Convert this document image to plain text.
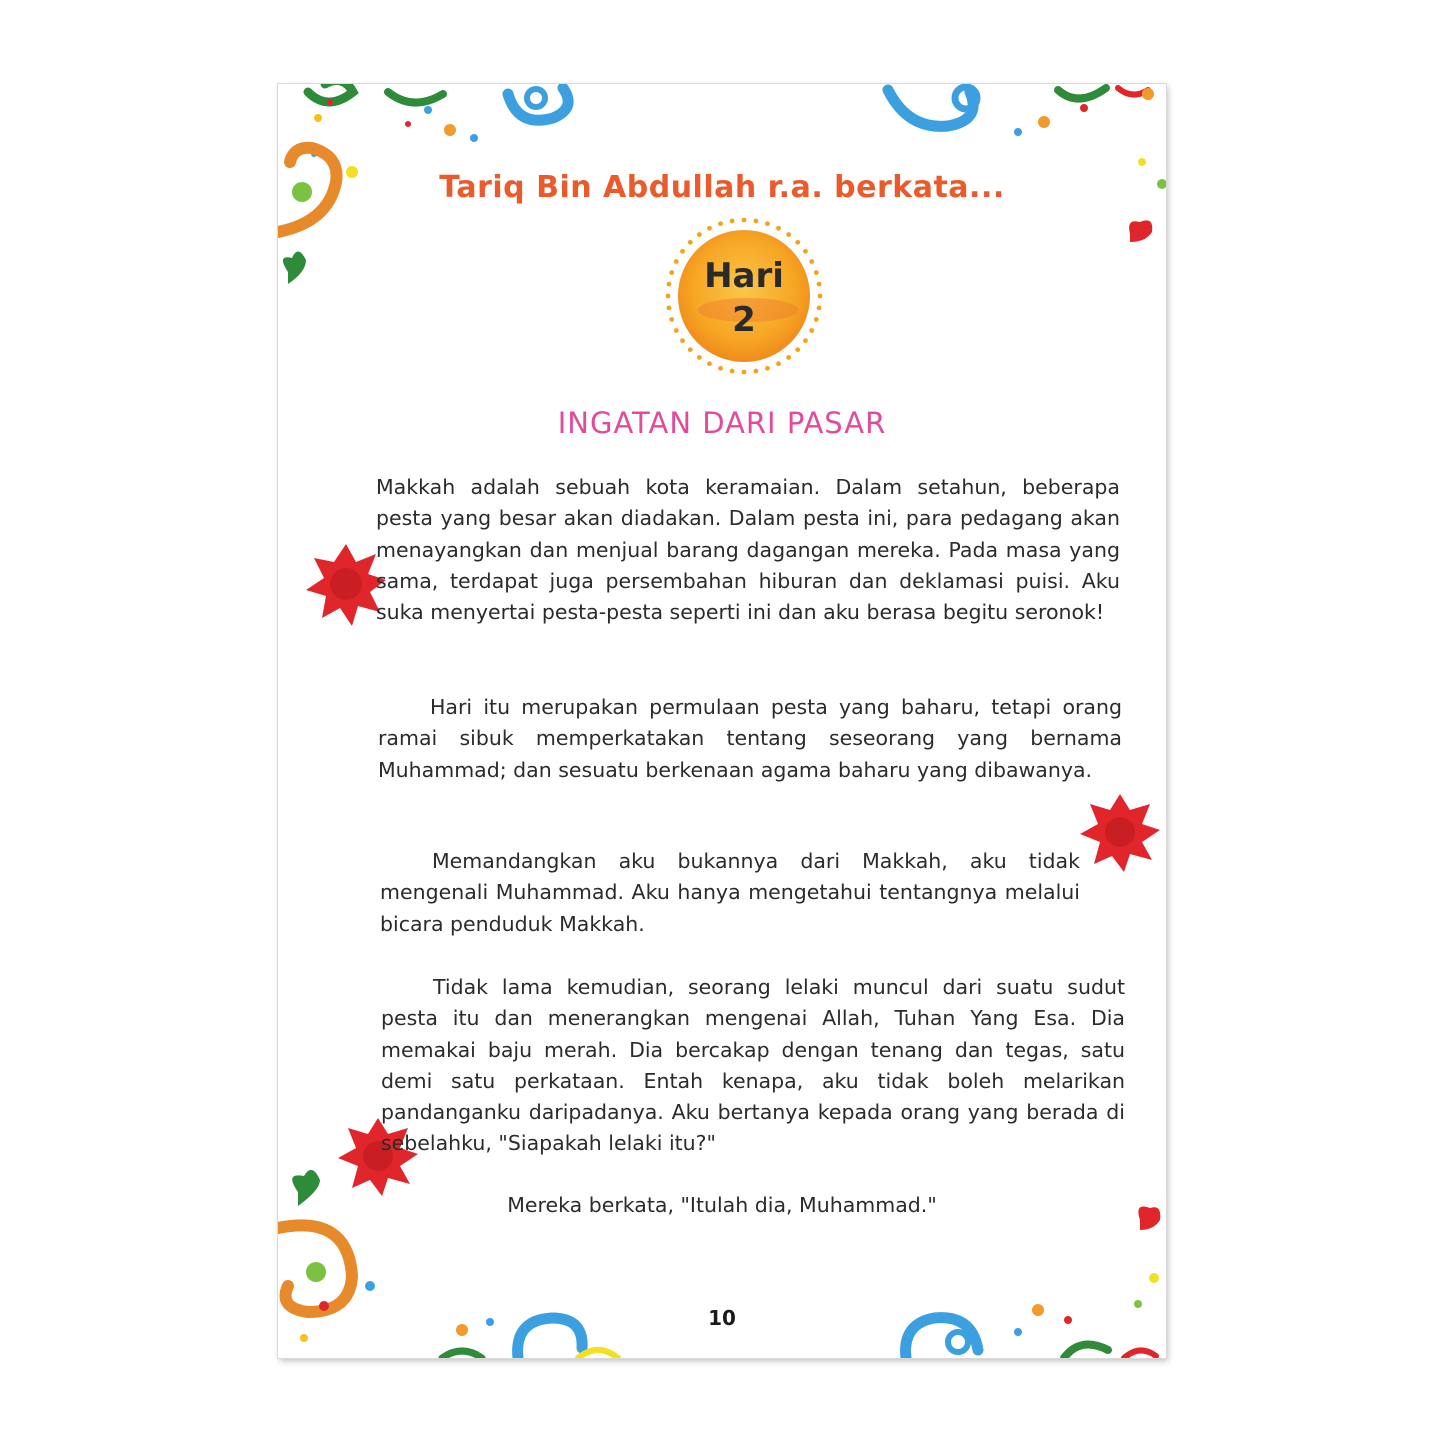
Tariq Bin Abdullah r.a. berkata...
Hari
2
INGATAN DARI PASAR

Makkah adalah sebuah kota keramaian. Dalam setahun, beberapa pesta yang besar akan diadakan. Dalam pesta ini, para pedagang akan menayangkan dan menjual barang dagangan mereka. Pada masa yang sama, terdapat juga persembahan hiburan dan deklamasi puisi. Aku suka menyertai pesta-pesta seperti ini dan aku berasa begitu seronok!

Hari itu merupakan permulaan pesta yang baharu, tetapi orang ramai sibuk memperkatakan tentang seseorang yang bernama Muhammad; dan sesuatu berkenaan agama baharu yang dibawanya.

Memandangkan aku bukannya dari Makkah, aku tidak mengenali Muhammad. Aku hanya mengetahui tentangnya melalui bicara penduduk Makkah.

Tidak lama kemudian, seorang lelaki muncul dari suatu sudut pesta itu dan menerangkan mengenai Allah, Tuhan Yang Esa. Dia memakai baju merah. Dia bercakap dengan tenang dan tegas, satu demi satu perkataan. Entah kenapa, aku tidak boleh melarikan pandanganku daripadanya. Aku bertanya kepada orang yang berada di sebelahku, "Siapakah lelaki itu?"

Mereka berkata, "Itulah dia, Muhammad."

10
